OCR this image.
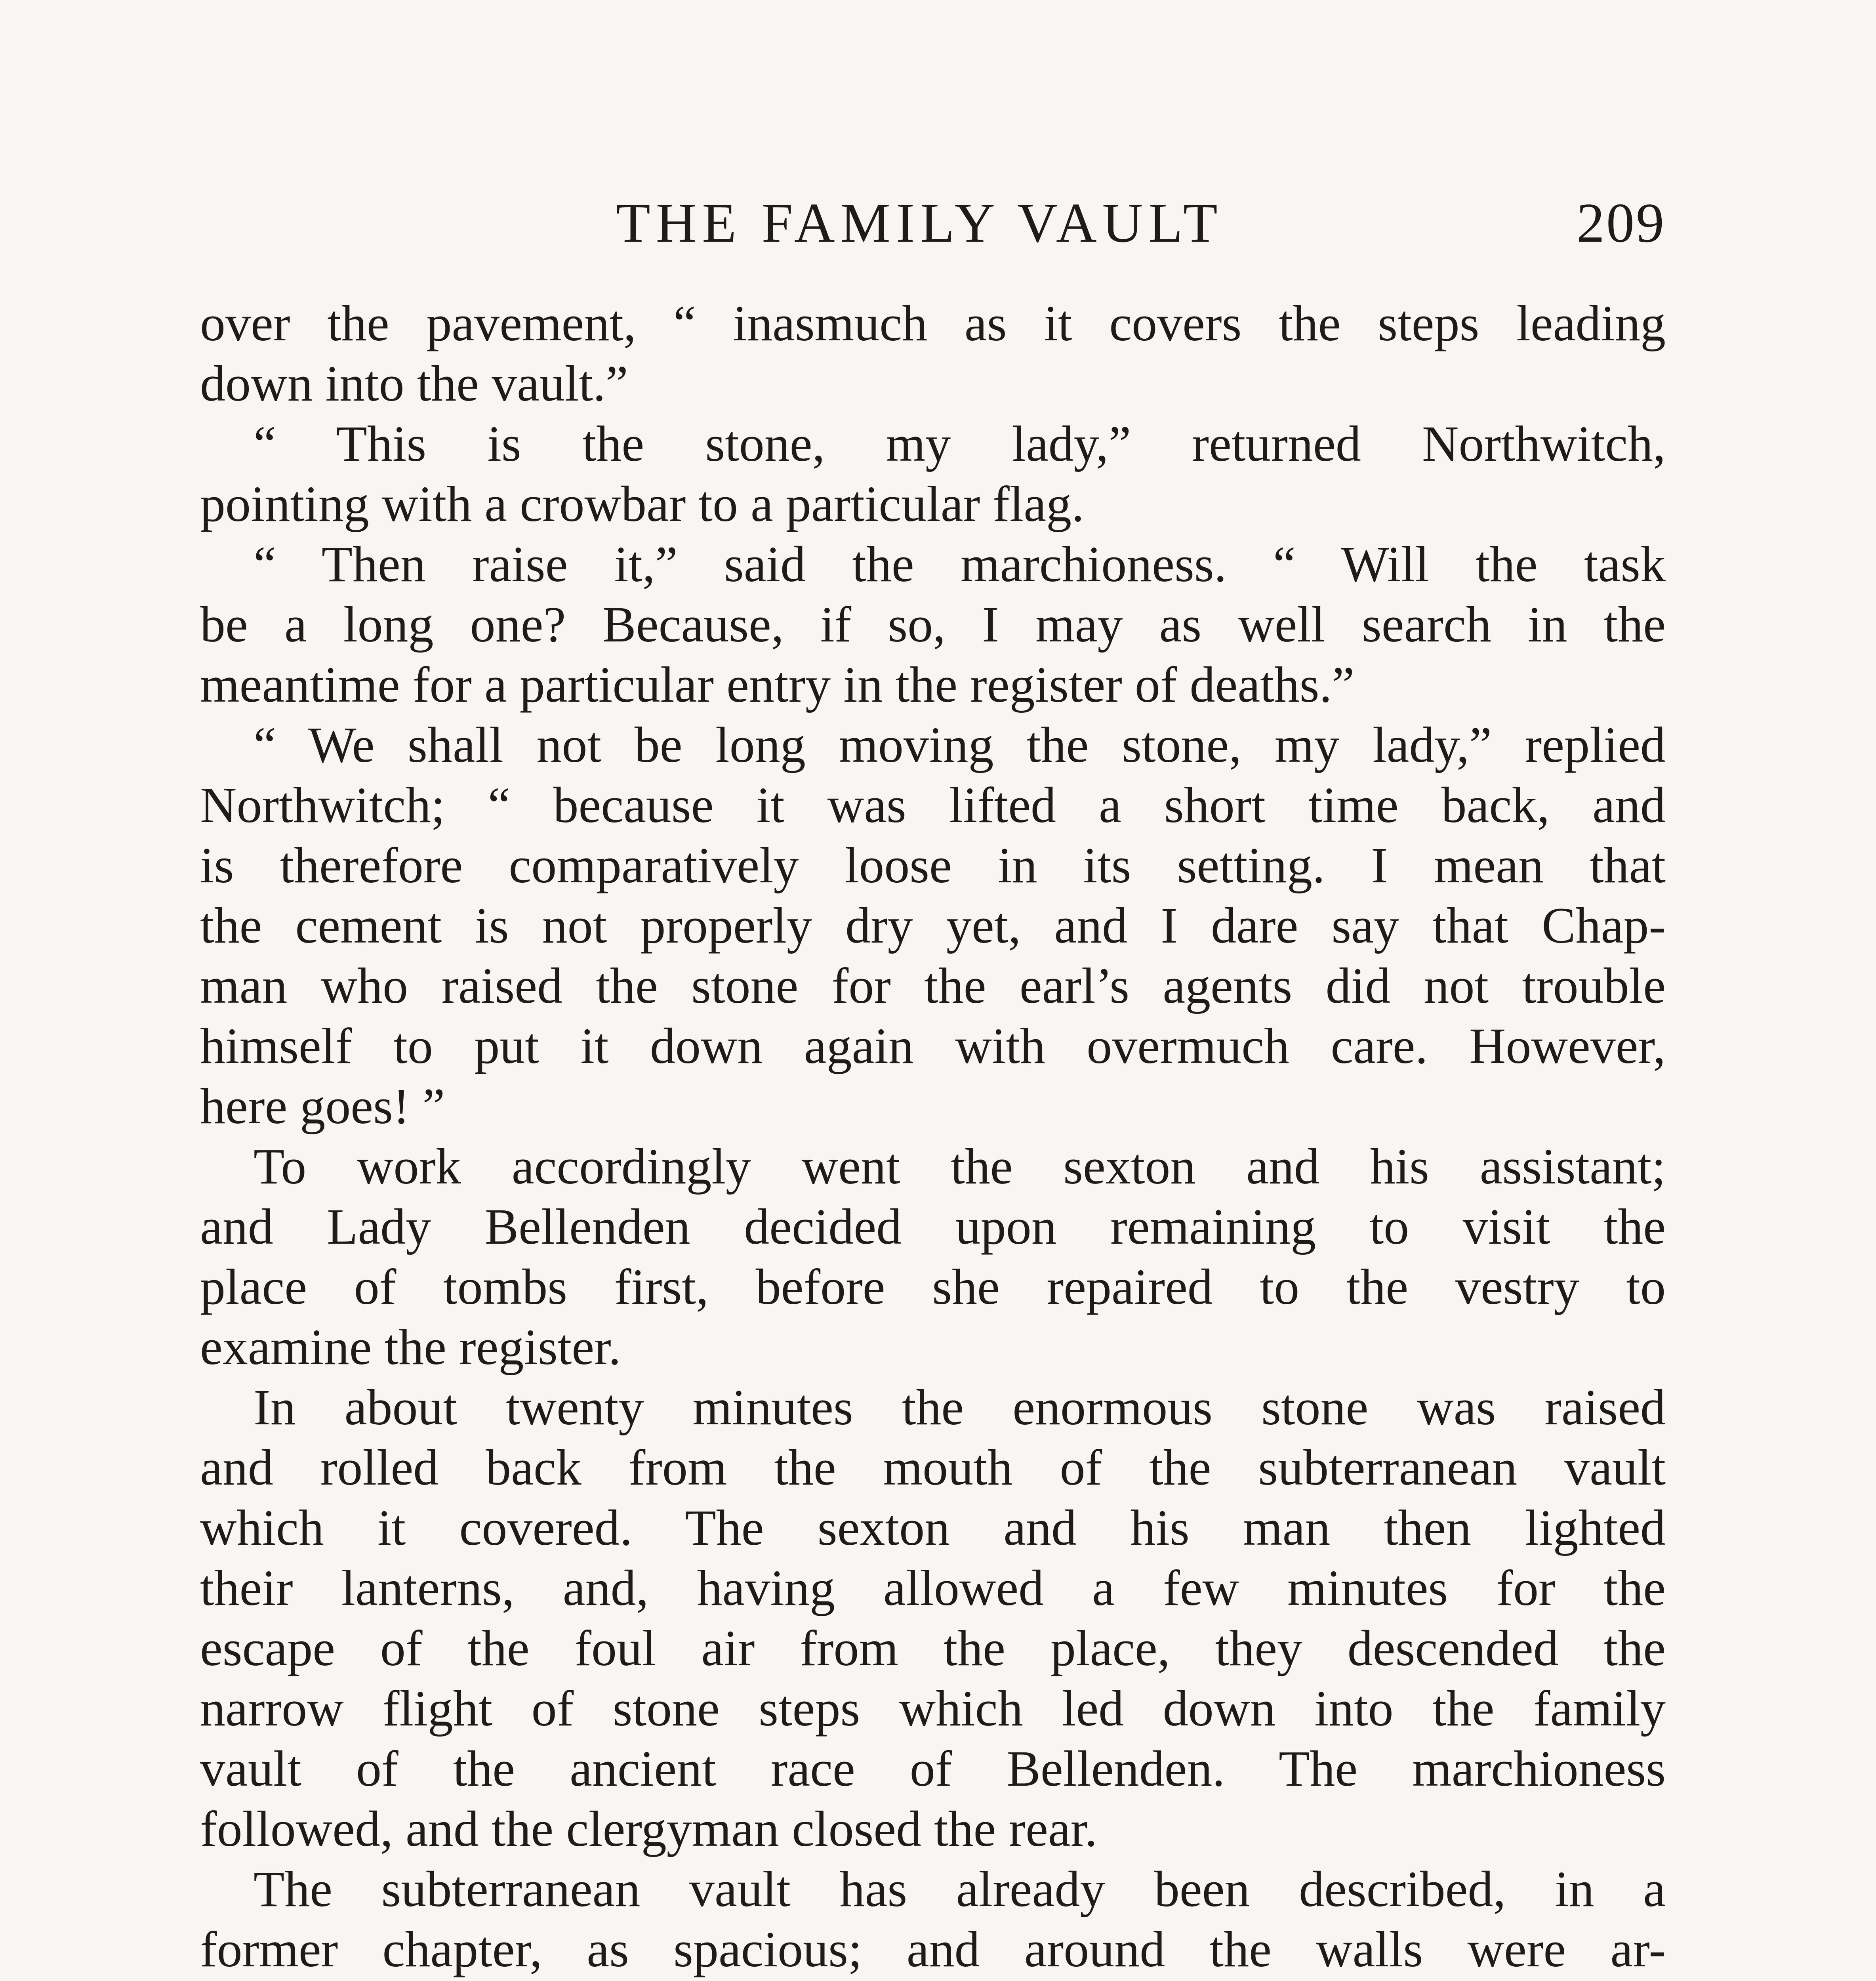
THE FAMILY VAULT	209
over the pavement, “ inasmuch as it covers the steps leading
down into the vault.”
“ This is the stone, my lady,” returned Northwitch,
pointing with a crowbar to a particular flag.
“ Then raise it,” said the marchioness. “ Will the task
be a long one? Because, if so, I may as well search in the
meantime for a particular entry in the register of deaths.”
“ We shall not be long moving the stone, my lady,” replied
Northwitch; “ because it was lifted a short time back, and
is therefore comparatively loose in its setting. I mean that
the cement is not properly dry yet, and I dare say that Chap-
man who raised the stone for the earl’s agents did not trouble
himself to put it down again with overmuch care. However,
here goes! ”
To work accordingly went the sexton and his assistant;
and Lady Bellenden decided upon remaining to visit the
place of tombs first, before she repaired to the vestry to
examine the register.
In about twenty minutes the enormous stone was raised
and rolled back from the mouth of the subterranean vault
which it covered. The sexton and his man then lighted
their lanterns, and, having allowed a few minutes for the
escape of the foul air from the place, they descended the
narrow flight of stone steps which led down into the family
vault of the ancient race of Bellenden. The marchioness
followed, and the clergyman closed the rear.
The subterranean vault has already been described, in a
former chapter, as spacious; and around the walls were ar-
